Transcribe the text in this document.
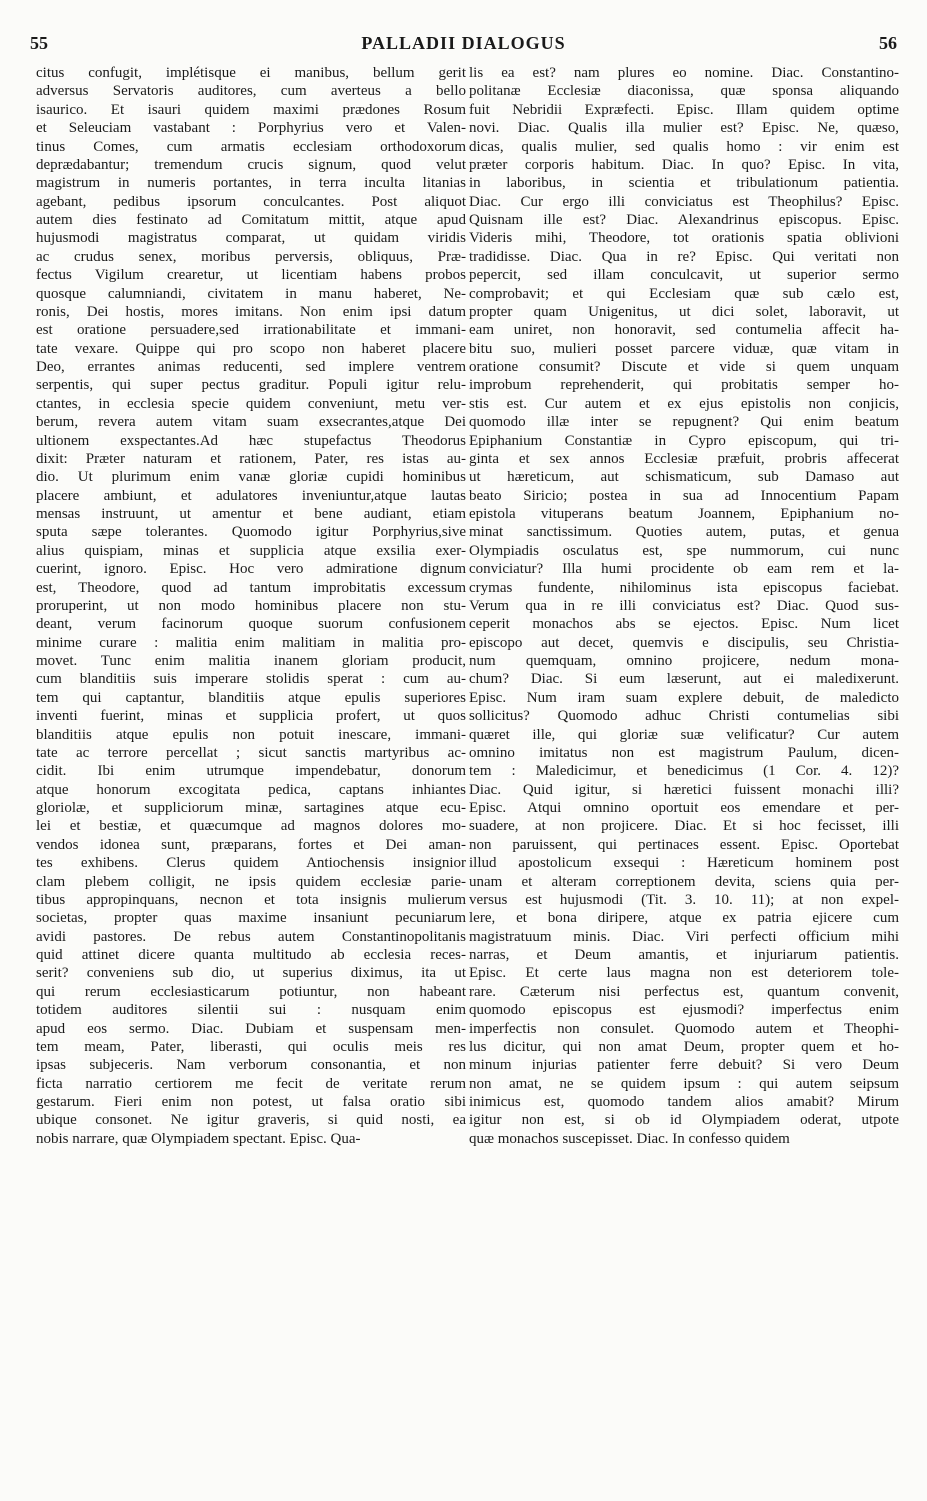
55	PALLADII DIALOGUS	56
citus confugit, implétisque ei manibus, bellum gerit
adversus Servatoris auditores, cum averteus a bello
isaurico. Et isauri quidem maximi prædones Rosum
et Seleuciam vastabant : Porphyrius vero et Valen-
tinus Comes, cum armatis ecclesiam orthodoxorum
deprædabantur; tremendum crucis signum, quod velut
magistrum in numeris portantes, in terra inculta litanias
agebant, pedibus ipsorum conculcantes. Post aliquot
autem dies festinato ad Comitatum mittit, atque apud
hujusmodi magistratus comparat, ut quidam viridis
ac crudus senex, moribus perversis, obliquus, Præ-
fectus Vigilum crearetur, ut licentiam habens probos
quosque calumniandi, civitatem in manu haberet, Ne-
ronis, Dei hostis, mores imitans. Non enim ipsi datum
est oratione persuadere,sed irrationabilitate et immani-
tate vexare. Quippe qui pro scopo non haberet placere
Deo, errantes animas reducenti, sed implere ventrem
serpentis, qui super pectus graditur. Populi igitur relu-
ctantes, in ecclesia specie quidem conveniunt, metu ver-
berum, revera autem vitam suam exsecrantes,atque Dei
ultionem exspectantes.Ad hæc stupefactus Theodorus
dixit: Præter naturam et rationem, Pater, res istas au-
dio. Ut plurimum enim vanæ gloriæ cupidi hominibus
placere ambiunt, et adulatores inveniuntur,atque lautas
mensas instruunt, ut amentur et bene audiant, etiam
sputa sæpe tolerantes. Quomodo igitur Porphyrius,sive
alius quispiam, minas et supplicia atque exsilia exer-
cuerint, ignoro. Episc. Hoc vero admiratione dignum
est, Theodore, quod ad tantum improbitatis excessum
proruperint, ut non modo hominibus placere non stu-
deant, verum facinorum quoque suorum confusionem
minime curare : malitia enim malitiam in malitia pro-
movet. Tunc enim malitia inanem gloriam producit,
cum blanditiis suis imperare stolidis sperat : cum au-
tem qui captantur, blanditiis atque epulis superiores
inventi fuerint, minas et supplicia profert, ut quos
blanditiis atque epulis non potuit inescare, immani-
tate ac terrore percellat ; sicut sanctis martyribus ac-
cidit. Ibi enim utrumque impendebatur, donorum
atque honorum excogitata pedica, captans inhiantes
gloriolæ, et suppliciorum minæ, sartagines atque ecu-
lei et bestiæ, et quæcumque ad magnos dolores mo-
vendos idonea sunt, præparans, fortes et Dei aman-
tes exhibens. Clerus quidem Antiochensis insignior
clam plebem colligit, ne ipsis quidem ecclesiæ parie-
tibus appropinquans, necnon et tota insignis mulierum
societas, propter quas maxime insaniunt pecuniarum
avidi pastores. De rebus autem Constantinopolitanis
quid attinet dicere quanta multitudo ab ecclesia reces-
serit? conveniens sub dio, ut superius diximus, ita ut
qui rerum ecclesiasticarum potiuntur, non habeant
totidem auditores silentii sui : nusquam enim
apud eos sermo. Diac. Dubiam et suspensam men-
tem meam, Pater, liberasti, qui oculis meis res
ipsas subjeceris. Nam verborum consonantia, et non
ficta narratio certiorem me fecit de veritate rerum
gestarum. Fieri enim non potest, ut falsa oratio sibi
ubique consonet. Ne igitur graveris, si quid nosti, ea
nobis narrare, quæ Olympiadem spectant. Episc. Qua-
lis ea est? nam plures eo nomine. Diac. Constantino-
politanæ Ecclesiæ diaconissa, quæ sponsa aliquando
fuit Nebridii Expræfecti. Episc. Illam quidem optime
novi. Diac. Qualis illa mulier est? Episc. Ne, quæso,
dicas, qualis mulier, sed qualis homo : vir enim est
præter corporis habitum. Diac. In quo? Episc. In vita,
in laboribus, in scientia et tribulationum patientia.
Diac. Cur ergo illi conviciatus est Theophilus? Episc.
Quisnam ille est? Diac. Alexandrinus episcopus. Episc.
Videris mihi, Theodore, tot orationis spatia oblivioni
tradidisse. Diac. Qua in re? Episc. Qui veritati non
pepercit, sed illam conculcavit, ut superior sermo
comprobavit; et qui Ecclesiam quæ sub cælo est,
propter quam Unigenitus, ut dici solet, laboravit, ut
eam uniret, non honoravit, sed contumelia affecit ha-
bitu suo, mulieri posset parcere viduæ, quæ vitam in
oratione consumit? Discute et vide si quem unquam
improbum reprehenderit, qui probitatis semper ho-
stis est. Cur autem et ex ejus epistolis non conjicis,
quomodo illæ inter se repugnent? Qui enim beatum
Epiphanium Constantiæ in Cypro episcopum, qui tri-
ginta et sex annos Ecclesiæ præfuit, probris affecerat
ut hæreticum, aut schismaticum, sub Damaso aut
beato Siricio; postea in sua ad Innocentium Papam
epistola vituperans beatum Joannem, Epiphanium no-
minat sanctissimum. Quoties autem, putas, et genua
Olympiadis osculatus est, spe nummorum, cui nunc
conviciatur? Illa humi procidente ob eam rem et la-
crymas fundente, nihilominus ista episcopus faciebat.
Verum qua in re illi conviciatus est? Diac. Quod sus-
ceperit monachos abs se ejectos. Episc. Num licet
episcopo aut decet, quemvis e discipulis, seu Christia-
num quemquam, omnino projicere, nedum mona-
chum? Diac. Si eum læserunt, aut ei maledixerunt.
Episc. Num iram suam explere debuit, de maledicto
sollicitus? Quomodo adhuc Christi contumelias sibi
quæret ille, qui gloriæ suæ velificatur? Cur autem
omnino imitatus non est magistrum Paulum, dicen-
tem : Maledicimur, et benedicimus (1 Cor. 4. 12)?
Diac. Quid igitur, si hæretici fuissent monachi illi?
Episc. Atqui omnino oportuit eos emendare et per-
suadere, at non projicere. Diac. Et si hoc fecisset, illi
non paruissent, qui pertinaces essent. Episc. Oportebat
illud apostolicum exsequi : Hæreticum hominem post
unam et alteram correptionem devita, sciens quia per-
versus est hujusmodi (Tit. 3. 10. 11); at non expel-
lere, et bona diripere, atque ex patria ejicere cum
magistratuum minis. Diac. Viri perfecti officium mihi
narras, et Deum amantis, et injuriarum patientis.
Episc. Et certe laus magna non est deteriorem tole-
rare. Cæterum nisi perfectus est, quantum convenit,
quomodo episcopus est ejusmodi? imperfectus enim
imperfectis non consulet. Quomodo autem et Theophi-
lus dicitur, qui non amat Deum, propter quem et ho-
minum injurias patienter ferre debuit? Si vero Deum
non amat, ne se quidem ipsum : qui autem seipsum
inimicus est, quomodo tandem alios amabit? Mirum
igitur non est, si ob id Olympiadem oderat, utpote
quæ monachos suscepisset. Diac. In confesso quidem
